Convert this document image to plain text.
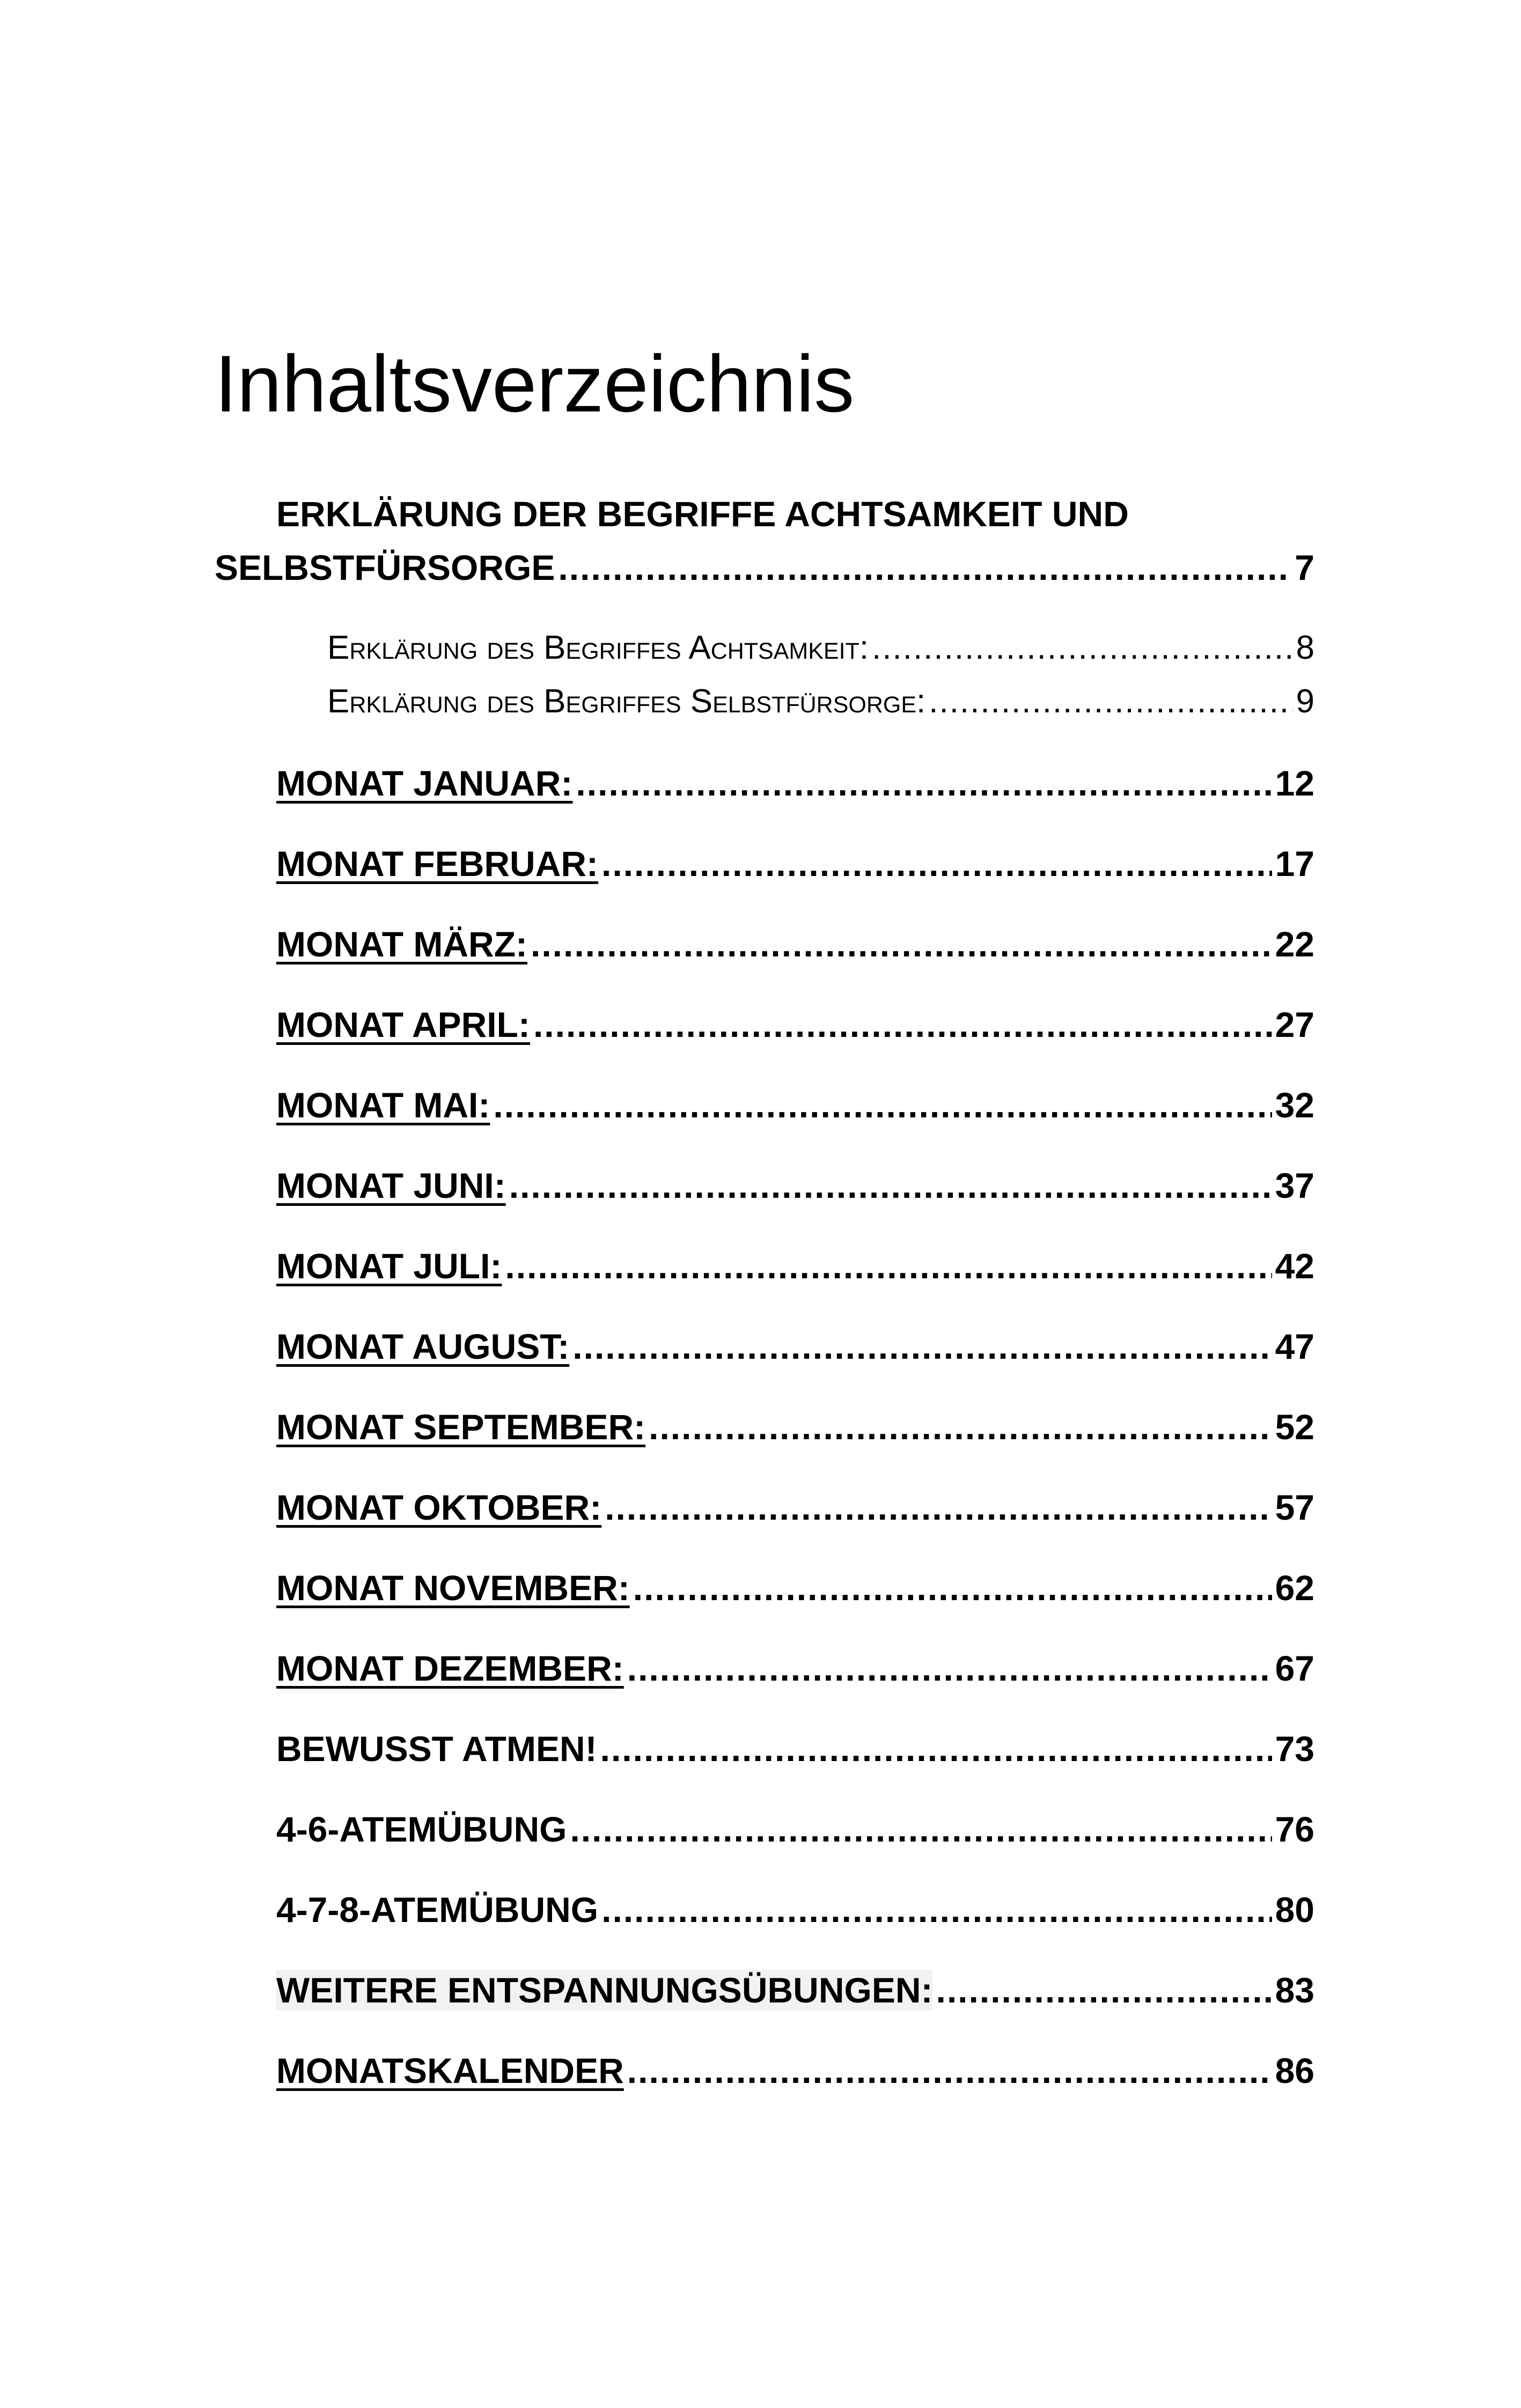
Inhaltsverzeichnis
ERKLÄRUNG DER BEGRIFFE ACHTSAMKEIT UND
SELBSTFÜRSORGE .....	7
Erklärung des Begriffes Achtsamkeit: .....	8
Erklärung des Begriffes Selbstfürsorge: .....	9
MONAT JANUAR: .....	12
MONAT FEBRUAR: .....	17
MONAT MÄRZ: .....	22
MONAT APRIL: .....	27
MONAT MAI: .....	32
MONAT JUNI: .....	37
MONAT JULI: .....	42
MONAT AUGUST: .....	47
MONAT SEPTEMBER: .....	52
MONAT OKTOBER: .....	57
MONAT NOVEMBER: .....	62
MONAT DEZEMBER: .....	67
BEWUSST ATMEN! .....	73
4-6-ATEMÜBUNG .....	76
4-7-8-ATEMÜBUNG .....	80
WEITERE ENTSPANNUNGSÜBUNGEN: .....	83
MONATSKALENDER .....	86
